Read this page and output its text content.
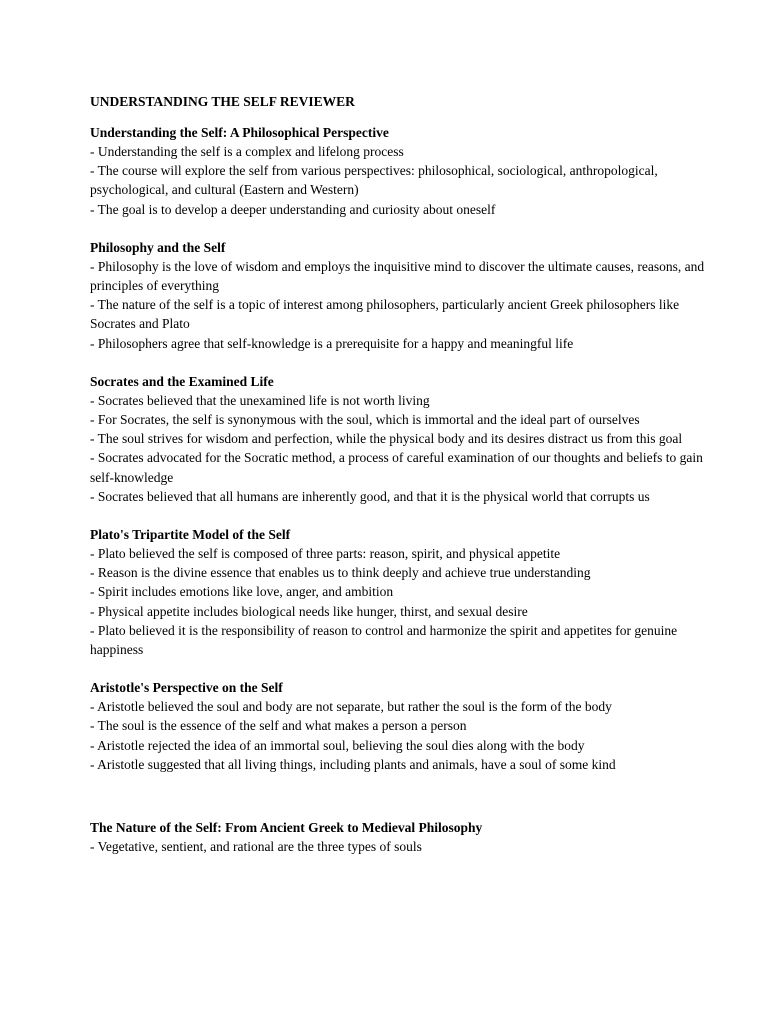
UNDERSTANDING THE SELF REVIEWER
Understanding the Self: A Philosophical Perspective

- Understanding the self is a complex and lifelong process

- The course will explore the self from various perspectives: philosophical, sociological, anthropological, psychological, and cultural (Eastern and Western)

- The goal is to develop a deeper understanding and curiosity about oneself

Philosophy and the Self

- Philosophy is the love of wisdom and employs the inquisitive mind to discover the ultimate causes, reasons, and principles of everything

- The nature of the self is a topic of interest among philosophers, particularly ancient Greek philosophers like Socrates and Plato

- Philosophers agree that self-knowledge is a prerequisite for a happy and meaningful life

Socrates and the Examined Life

- Socrates believed that the unexamined life is not worth living

- For Socrates, the self is synonymous with the soul, which is immortal and the ideal part of ourselves

- The soul strives for wisdom and perfection, while the physical body and its desires distract us from this goal

- Socrates advocated for the Socratic method, a process of careful examination of our thoughts and beliefs to gain self-knowledge

- Socrates believed that all humans are inherently good, and that it is the physical world that corrupts us

Plato's Tripartite Model of the Self

- Plato believed the self is composed of three parts: reason, spirit, and physical appetite

- Reason is the divine essence that enables us to think deeply and achieve true understanding

- Spirit includes emotions like love, anger, and ambition

- Physical appetite includes biological needs like hunger, thirst, and sexual desire

- Plato believed it is the responsibility of reason to control and harmonize the spirit and appetites for genuine happiness

Aristotle's Perspective on the Self

- Aristotle believed the soul and body are not separate, but rather the soul is the form of the body

- The soul is the essence of the self and what makes a person a person

- Aristotle rejected the idea of an immortal soul, believing the soul dies along with the body

- Aristotle suggested that all living things, including plants and animals, have a soul of some kind

The Nature of the Self: From Ancient Greek to Medieval Philosophy

- Vegetative, sentient, and rational are the three types of souls
